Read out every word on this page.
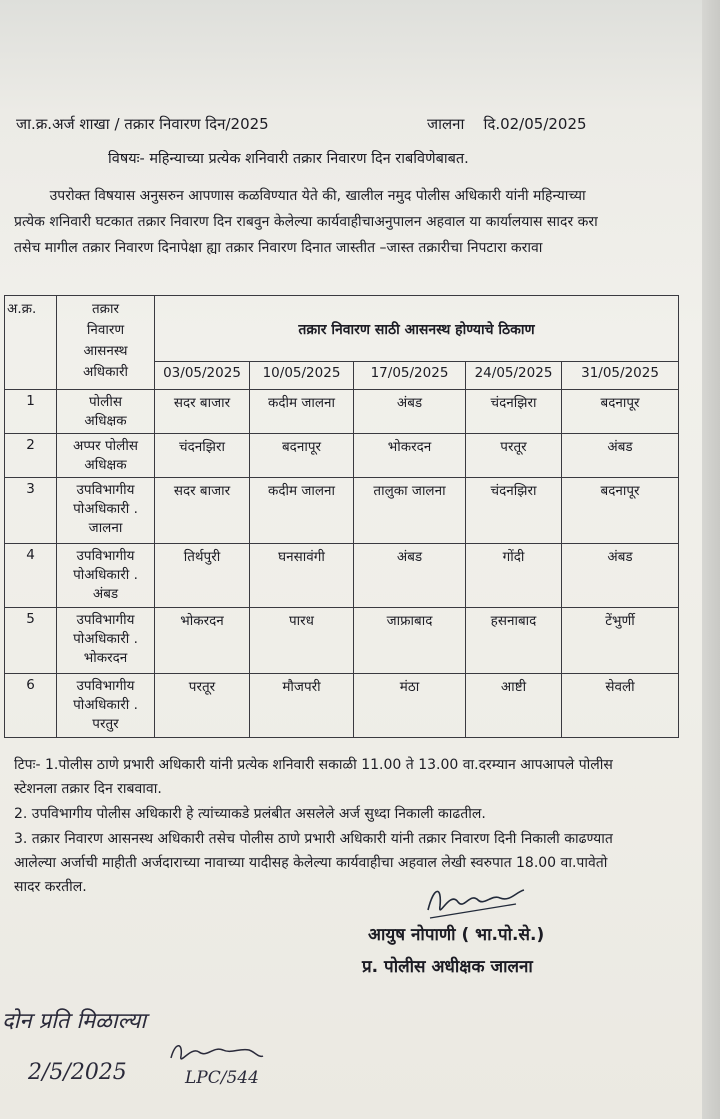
जा.क्र.अर्ज शाखा / तक्रार निवारण दिन/2025	जालना    दि.02/05/2025
विषयः- महिन्याच्या प्रत्येक शनिवारी तक्रार निवारण दिन राबविणेबाबत.
उपरोक्त विषयास अनुसरुन आपणास कळविण्यात येते की, खालील नमुद पोलीस अधिकारी यांनी महिन्याच्या
प्रत्येक शनिवारी घटकात तक्रार निवारण दिन राबवुन केलेल्या कार्यवाहीचाअनुपालन अहवाल या कार्यालयास सादर करा
तसेच मागील तक्रार निवारण दिनापेक्षा ह्या तक्रार निवारण दिनात जास्तीत –जास्त तक्रारीचा निपटारा करावा
अ.क्र.	तक्रार
निवारण
आसनस्थ
अधिकारी	तक्रार निवारण साठी आसनस्थ होण्याचे ठिकाण				
		03/05/2025	10/05/2025	17/05/2025	24/05/2025	31/05/2025
1	पोलीस
अधिक्षक	सदर बाजार	कदीम जालना	अंबड	चंदनझिरा	बदनापूर
2	अप्पर पोलीस
अधिक्षक	चंदनझिरा	बदनापूर	भोकरदन	परतूर	अंबड
3	उपविभागीय
पोअधिकारी .
जालना	सदर बाजार	कदीम जालना	तालुका जालना	चंदनझिरा	बदनापूर
4	उपविभागीय
पोअधिकारी .
अंबड	तिर्थपुरी	घनसावंगी	अंबड	गोंदी	अंबड
5	उपविभागीय
पोअधिकारी .
भोकरदन	भोकरदन	पारध	जाफ्राबाद	हसनाबाद	टेंभुर्णी
6	उपविभागीय
पोअधिकारी .
परतुर	परतूर	मौजपरी	मंठा	आष्टी	सेवली
टिपः- 1.पोलीस ठाणे प्रभारी अधिकारी यांनी प्रत्येक शनिवारी सकाळी 11.00 ते 13.00 वा.दरम्यान आपआपले पोलीस
स्टेशनला तक्रार दिन राबवावा.
2. उपविभागीय पोलीस अधिकारी हे त्यांच्याकडे प्रलंबीत असलेले अर्ज सुध्दा निकाली काढतील.
3. तक्रार निवारण आसनस्थ अधिकारी तसेच पोलीस ठाणे प्रभारी अधिकारी यांनी तक्रार निवारण दिनी निकाली काढण्यात
आलेल्या अर्जाची माहीती अर्जदाराच्या नावाच्या यादीसह केलेल्या कार्यवाहीचा अहवाल लेखी स्वरुपात 18.00 वा.पावेतो
सादर करतील.
आयुष नोपाणी ( भा.पो.से.)
प्र. पोलीस अधीक्षक जालना
दोन प्रति मिळाल्या
2/5/2025	LPC/544
